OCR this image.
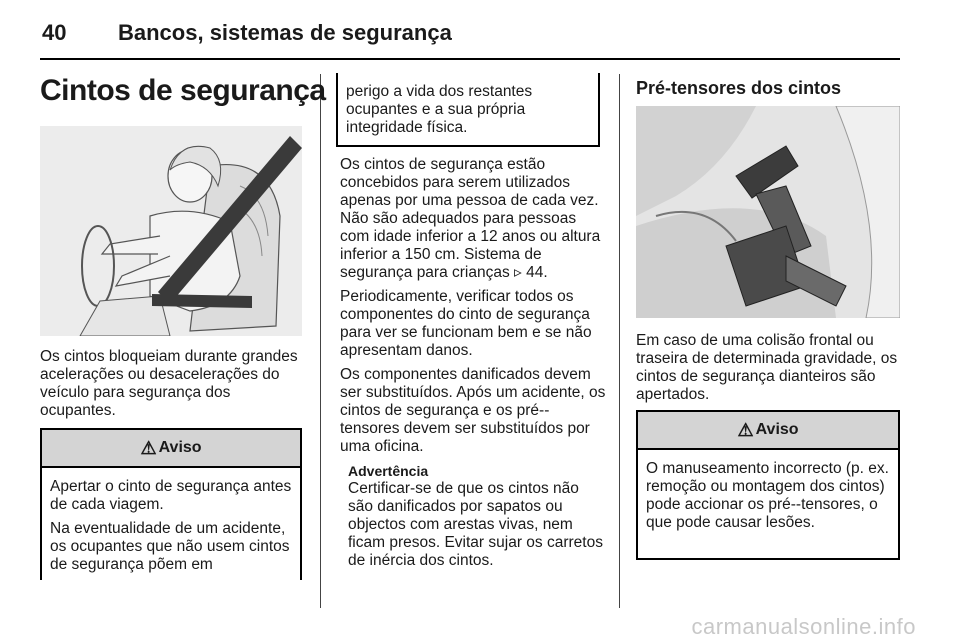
40 Bancos, sistemas de segurança
Cintos de segurança

Os cintos bloqueiam durante grandes acelerações ou desacelerações do veículo para segurança dos ocupantes.

⚠ Aviso

Apertar o cinto de segurança antes de cada viagem.

Na eventualidade de um acidente, os ocupantes que não usem cintos de segurança põem em

perigo a vida dos restantes ocupantes e a sua própria integridade física.

Os cintos de segurança estão concebidos para serem utilizados apenas por uma pessoa de cada vez. Não são adequados para pessoas com idade inferior a 12 anos ou altura inferior a 150 cm. Sistema de segurança para crianças ▹ 44.

Periodicamente, verificar todos os componentes do cinto de segurança para ver se funcionam bem e se não apresentam danos.

Os componentes danificados devem ser substituídos. Após um acidente, os cintos de segurança e os pré--tensores devem ser substituídos por uma oficina.

Advertência
Certificar-se de que os cintos não são danificados por sapatos ou objectos com arestas vivas, nem ficam presos. Evitar sujar os carretos de inércia dos cintos.
Pré-tensores dos cintos

Em caso de uma colisão frontal ou traseira de determinada gravidade, os cintos de segurança dianteiros são apertados.

⚠ Aviso

O manuseamento incorrecto (p. ex. remoção ou montagem dos cintos) pode accionar os pré--tensores, o que pode causar lesões.

carmanualsonline.info
